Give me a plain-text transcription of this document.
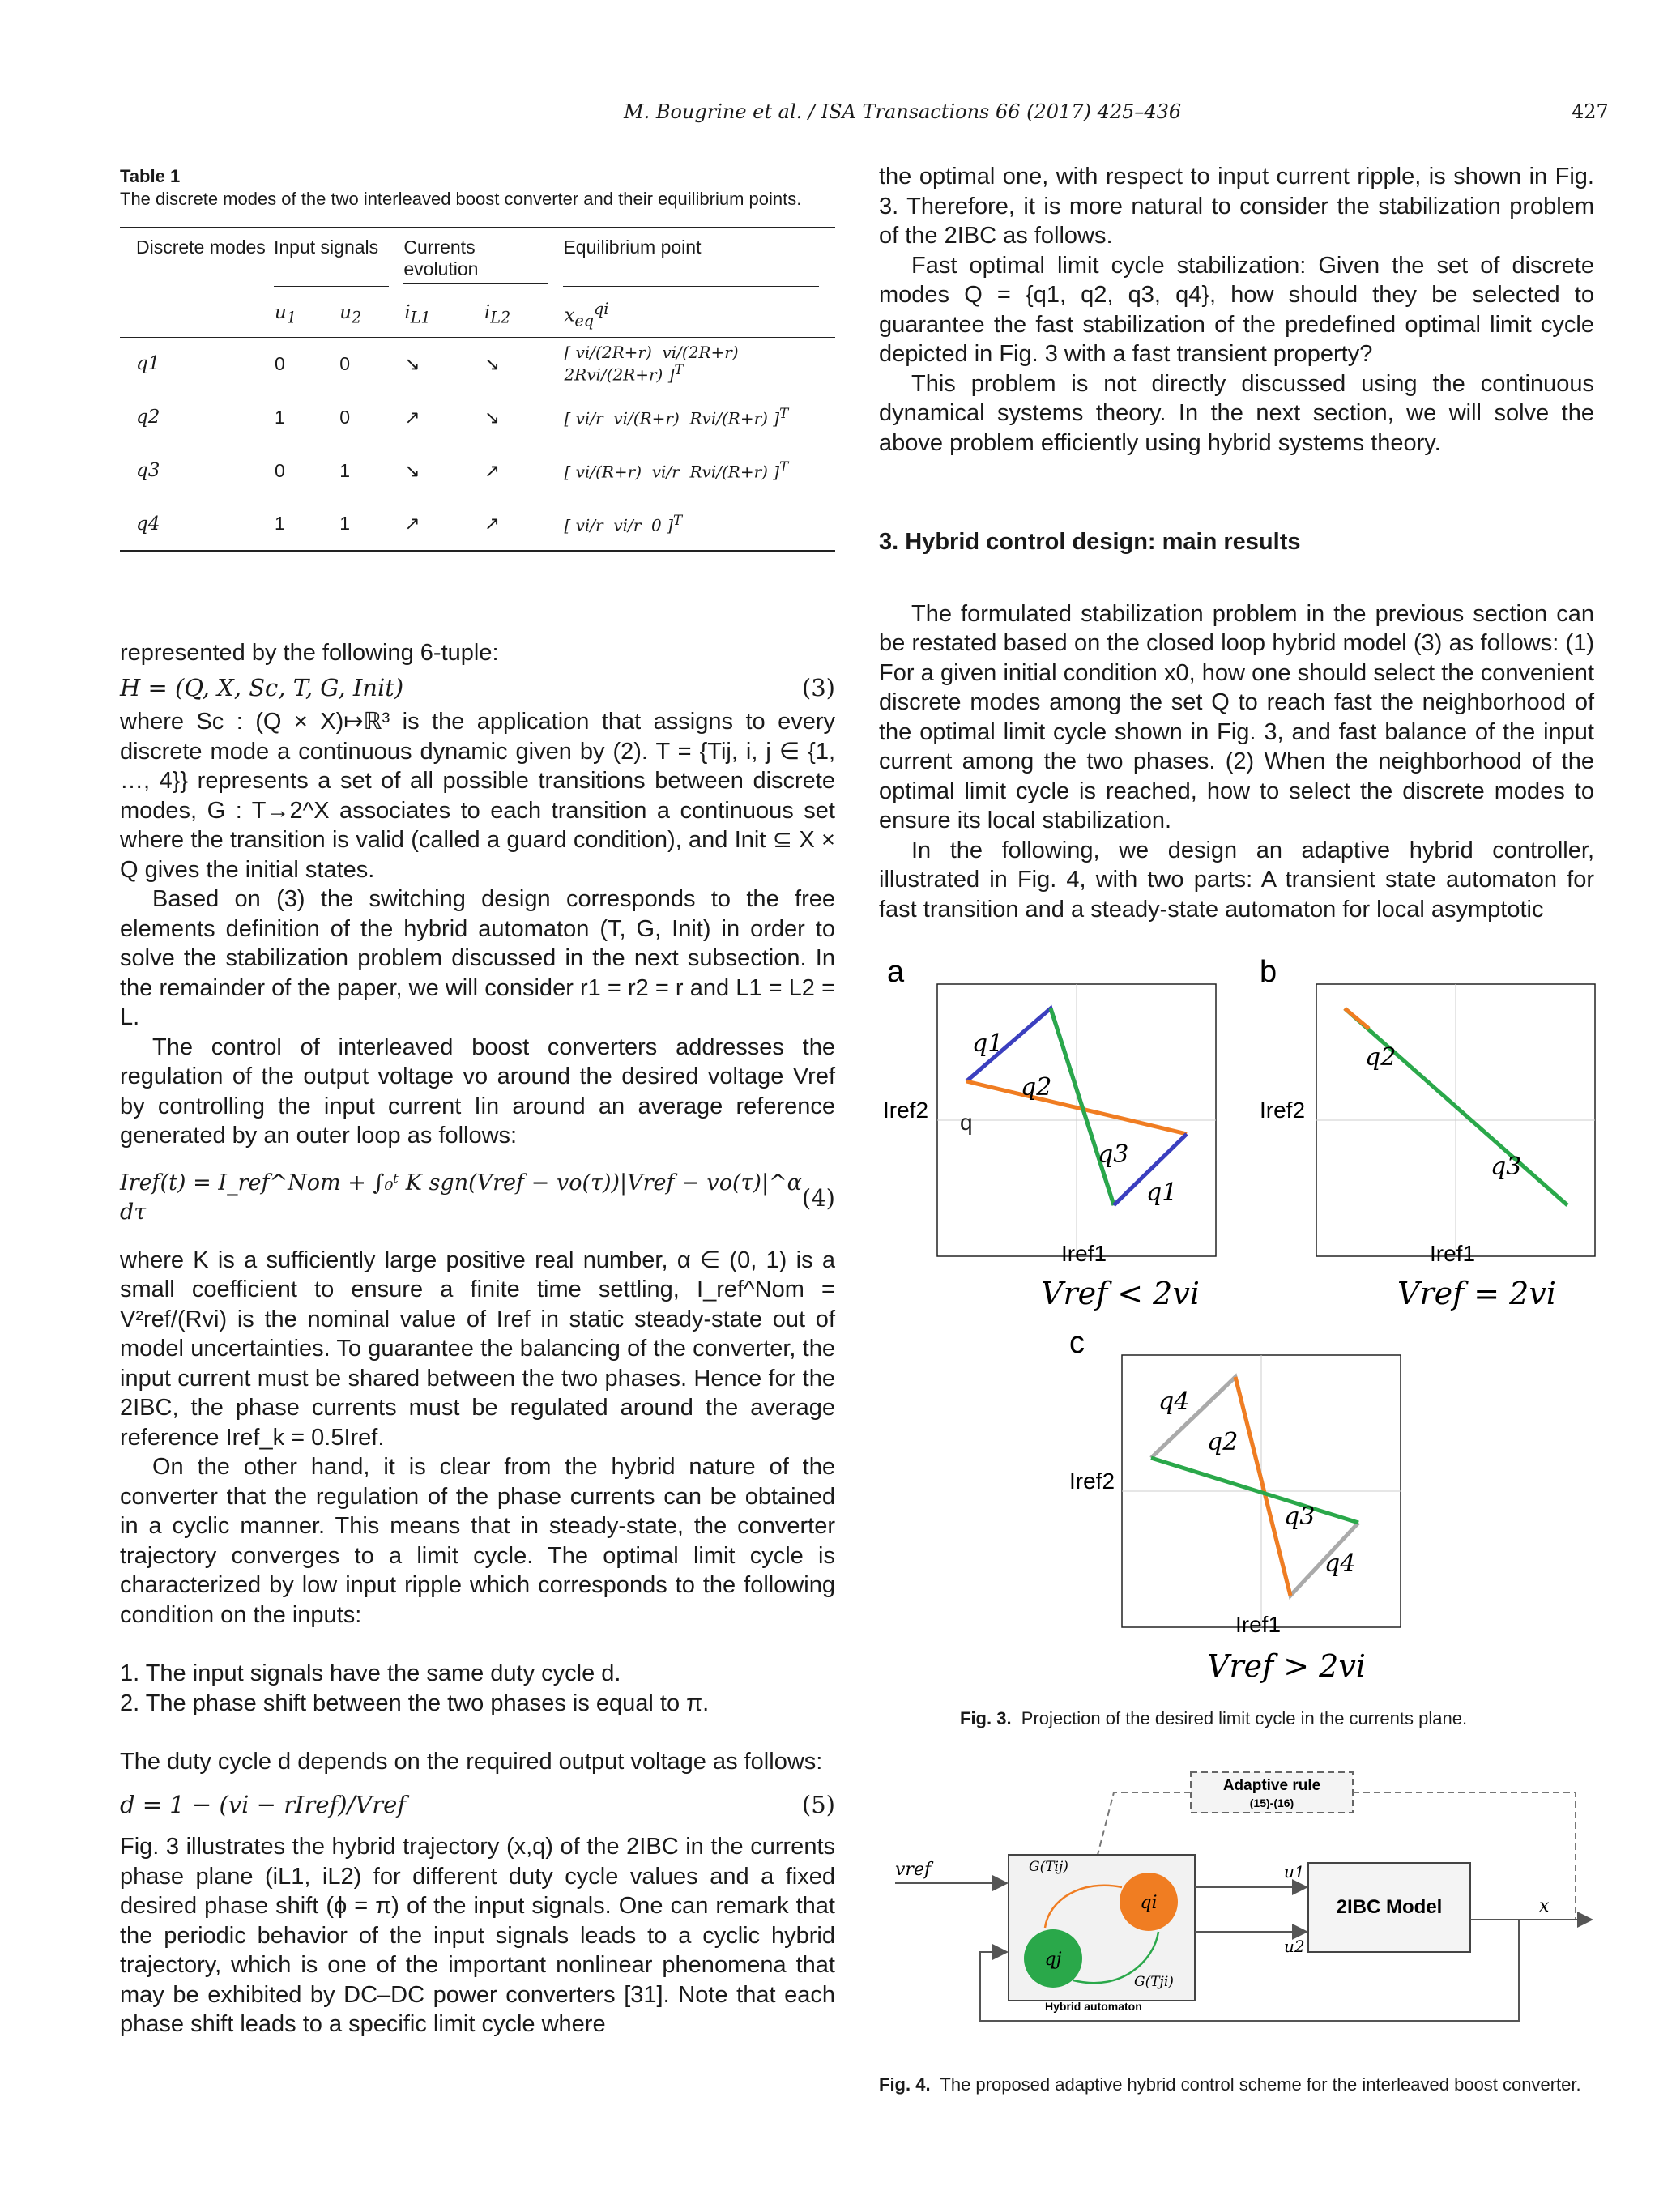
M. Bougrine et al. / ISA Transactions 66 (2017) 425–436	427
Table 1
The discrete modes of the two interleaved boost converter and their equilibrium points.
Discrete modes	Input signals		Currents evolution		Equilibrium point

	$u_1$	$u_2$	$i_{L1}$	$i_{L2}$	$x_{eq}^{qi}$
q1	0	0	↘	↘	[ vi/(2R+r) vi/(2R+r)  2Rvi/(2R+r) ]$^T$
q2	1	0	↗	↘	[ vi/r vi/(R+r) Rvi/(R+r) ]$^T$
q3	0	1	↘	↗	[ vi/(R+r) vi/r Rvi/(R+r) ]$^T$
q4	1	1	↗	↗	[ vi/r vi/r 0 ]$^T$

represented by the following 6-tuple:

H = (Q, X, Sc, T, G, Init)	(3)

where Sc : (Q × X)↦ℝ³ is the application that assigns to every discrete mode a continuous dynamic given by (2). T = {Tij, i, j ∈ {1, …, 4}} represents a set of all possible transitions between discrete modes, G : T→2^X associates to each transition a continuous set where the transition is valid (called a guard condition), and Init ⊆ X × Q gives the initial states.

Based on (3) the switching design corresponds to the free elements definition of the hybrid automaton (T, G, Init) in order to solve the stabilization problem discussed in the next subsection. In the remainder of the paper, we will consider r1 = r2 = r and L1 = L2 = L.

The control of interleaved boost converters addresses the regulation of the output voltage vo around the desired voltage Vref by controlling the input current Iin around an average reference generated by an outer loop as follows:

Iref(t) = I_ref^Nom + ∫₀ᵗ K sgn(Vref − vo(τ))|Vref − vo(τ)|^α dτ
(4)

where K is a sufficiently large positive real number, α ∈ (0, 1) is a small coefficient to ensure a finite time settling, I_ref^Nom = V²ref/(Rvi) is the nominal value of Iref in static steady-state out of model uncertainties. To guarantee the balancing of the converter, the input current must be shared between the two phases. Hence for the 2IBC, the phase currents must be regulated around the average reference Iref_k = 0.5Iref.

On the other hand, it is clear from the hybrid nature of the converter that the regulation of the phase currents can be obtained in a cyclic manner. This means that in steady-state, the converter trajectory converges to a limit cycle. The optimal limit cycle is characterized by low input ripple which corresponds to the following condition on the inputs:

1. The input signals have the same duty cycle d.

2. The phase shift between the two phases is equal to π.

The duty cycle d depends on the required output voltage as follows:

d = 1 − (vi − rIref)/Vref	(5)

Fig. 3 illustrates the hybrid trajectory (x,q) of the 2IBC in the currents phase plane (iL1, iL2) for different duty cycle values and a fixed desired phase shift (ϕ = π) of the input signals. One can remark that the periodic behavior of the input signals leads to a cyclic hybrid trajectory, which is one of the important nonlinear phenomena that may be exhibited by DC–DC power converters [31]. Note that each phase shift leads to a specific limit cycle where

the optimal one, with respect to input current ripple, is shown in Fig. 3. Therefore, it is more natural to consider the stabilization problem of the 2IBC as follows.

Fast optimal limit cycle stabilization: Given the set of discrete modes Q = {q1, q2, q3, q4}, how should they be selected to guarantee the fast stabilization of the predefined optimal limit cycle depicted in Fig. 3 with a fast transient property?

This problem is not directly discussed using the continuous dynamical systems theory. In the next section, we will solve the above problem efficiently using hybrid systems theory.

3. Hybrid control design: main results

The formulated stabilization problem in the previous section can be restated based on the closed loop hybrid model (3) as follows: (1) For a given initial condition x0, how one should select the convenient discrete modes among the set Q to reach fast the neighborhood of the optimal limit cycle shown in Fig. 3, and fast balance of the input current among the two phases. (2) When the neighborhood of the optimal limit cycle is reached, how to select the discrete modes to ensure its local stabilization.

In the following, we design an adaptive hybrid controller, illustrated in Fig. 4, with two parts: A transient state automaton for fast transition and a steady-state automaton for local asymptotic

a
q
Iref2
Iref1
q1
q2
q3
q1
Vref < 2vi
b
Iref2
Iref1
q2
q3
Vref = 2vi
c
Iref2
Iref1
q4
q2
q3
q4
Vref > 2vi
Fig. 3. Projection of the desired limit cycle in the currents plane.
Adaptive rule
(15)-(16)
qi
qj
G(Tij)
G(Tji)
Hybrid automaton
vref
2IBC Model
u1
u2
x
Fig. 4. The proposed adaptive hybrid control scheme for the interleaved boost converter.
